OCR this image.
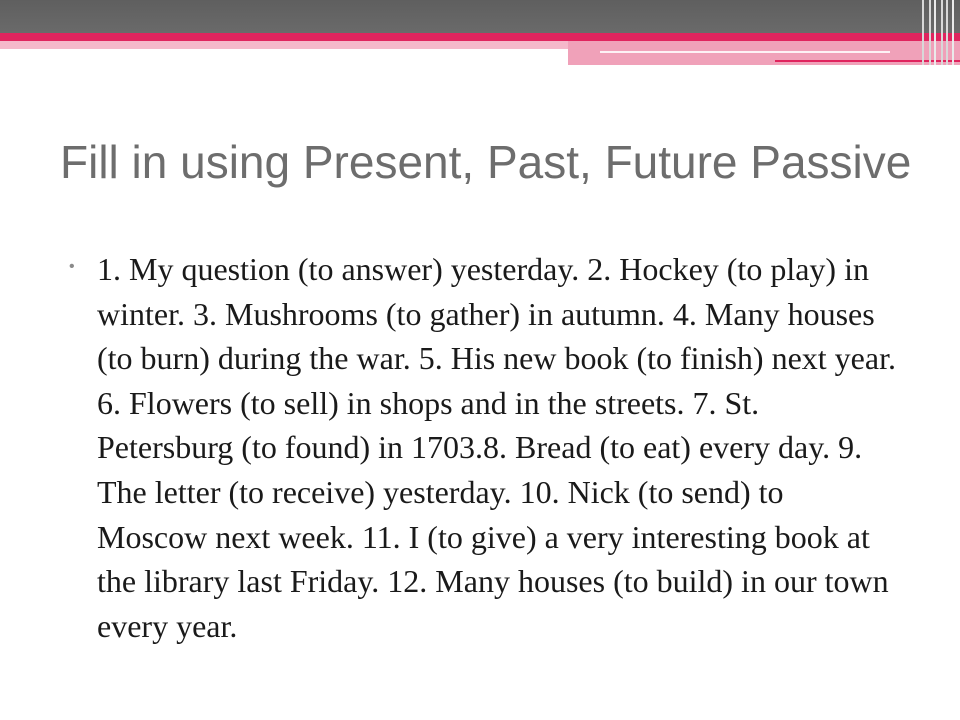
Fill in using Present, Past, Future Passive

• 1. My question (to answer) yesterday. 2. Hockey (to play) in winter. 3. Mushrooms (to gather) in autumn. 4. Many houses (to burn) during the war. 5. His new book (to finish) next year. 6. Flowers (to sell) in shops and in the streets. 7. St. Petersburg (to found) in 1703.8. Bread (to eat) every day. 9. The letter (to receive) yesterday. 10. Nick (to send) to Moscow next week. 11. I (to give) a very interesting book at the library last Friday. 12. Many houses (to build) in our town every year.
